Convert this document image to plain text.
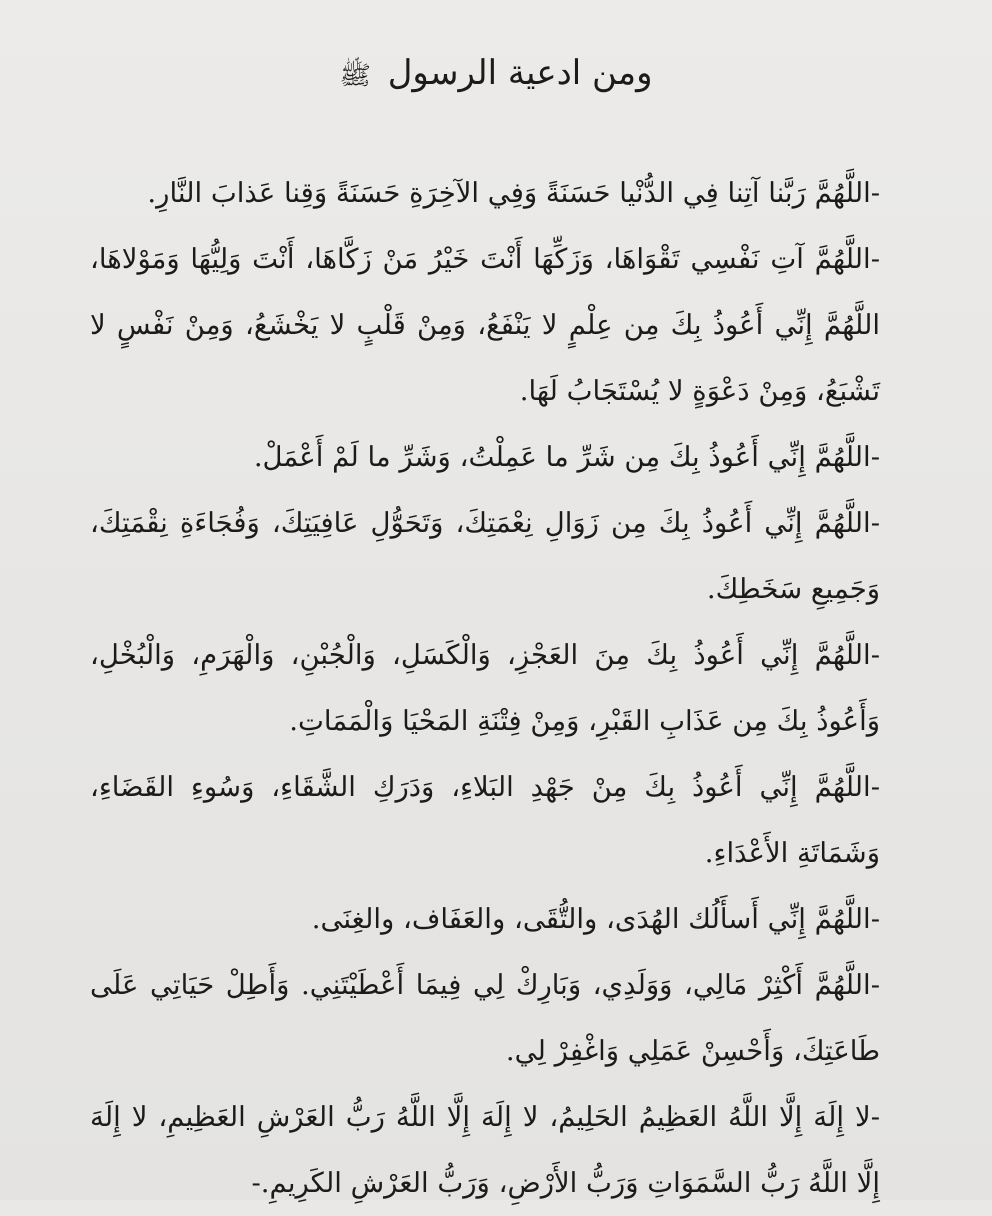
ومن ادعية الرسول ﷺ

-اللَّهُمَّ رَبَّنا آتِنا فِي الدُّنْيا حَسَنَةً وَفِي الآخِرَةِ حَسَنَةً وَقِنا عَذابَ النَّارِ.

-اللَّهُمَّ آتِ نَفْسِي تَقْوَاهَا، وَزَكِّهَا أَنْتَ خَيْرُ مَنْ زَكَّاهَا، أَنْتَ وَلِيُّهَا وَمَوْلاهَا، اللَّهُمَّ إِنِّي أَعُوذُ بِكَ مِن عِلْمٍ لا يَنْفَعُ، وَمِنْ قَلْبٍ لا يَخْشَعُ، وَمِنْ نَفْسٍ لا تَشْبَعُ، وَمِنْ دَعْوَةٍ لا يُسْتَجَابُ لَهَا.

-اللَّهُمَّ إِنِّي أَعُوذُ بِكَ مِن شَرِّ ما عَمِلْتُ، وَشَرِّ ما لَمْ أَعْمَلْ.

-اللَّهُمَّ إِنِّي أَعُوذُ بِكَ مِن زَوَالِ نِعْمَتِكَ، وَتَحَوُّلِ عَافِيَتِكَ، وَفُجَاءَةِ نِقْمَتِكَ، وَجَمِيعِ سَخَطِكَ.

-اللَّهُمَّ إِنِّي أَعُوذُ بِكَ مِنَ العَجْزِ، وَالْكَسَلِ، وَالْجُبْنِ، وَالْهَرَمِ، وَالْبُخْلِ، وَأَعُوذُ بِكَ مِن عَذَابِ القَبْرِ، وَمِنْ فِتْنَةِ المَحْيَا وَالْمَمَاتِ.

-اللَّهُمَّ إِنِّي أَعُوذُ بِكَ مِنْ جَهْدِ البَلاءِ، وَدَرَكِ الشَّقَاءِ، وَسُوءِ القَضَاءِ، وَشَمَاتَةِ الأَعْدَاءِ.

-اللَّهُمَّ إِنِّي أَسأَلُك الهُدَى، والتُّقَى، والعَفَاف، والغِنَى.

-اللَّهُمَّ أَكْثِرْ مَالِي، وَوَلَدِي، وَبَارِكْ لِي فِيمَا أَعْطَيْتَنِي. وَأَطِلْ حَيَاتِي عَلَى طَاعَتِكَ، وَأَحْسِنْ عَمَلِي وَاغْفِرْ لِي.

-لا إِلَهَ إِلَّا اللَّهُ العَظِيمُ الحَلِيمُ، لا إِلَهَ إِلَّا اللَّهُ رَبُّ العَرْشِ العَظِيمِ، لا إِلَهَ إِلَّا اللَّهُ رَبُّ السَّمَوَاتِ وَرَبُّ الأَرْضِ، وَرَبُّ العَرْشِ الكَرِيمِ.-
